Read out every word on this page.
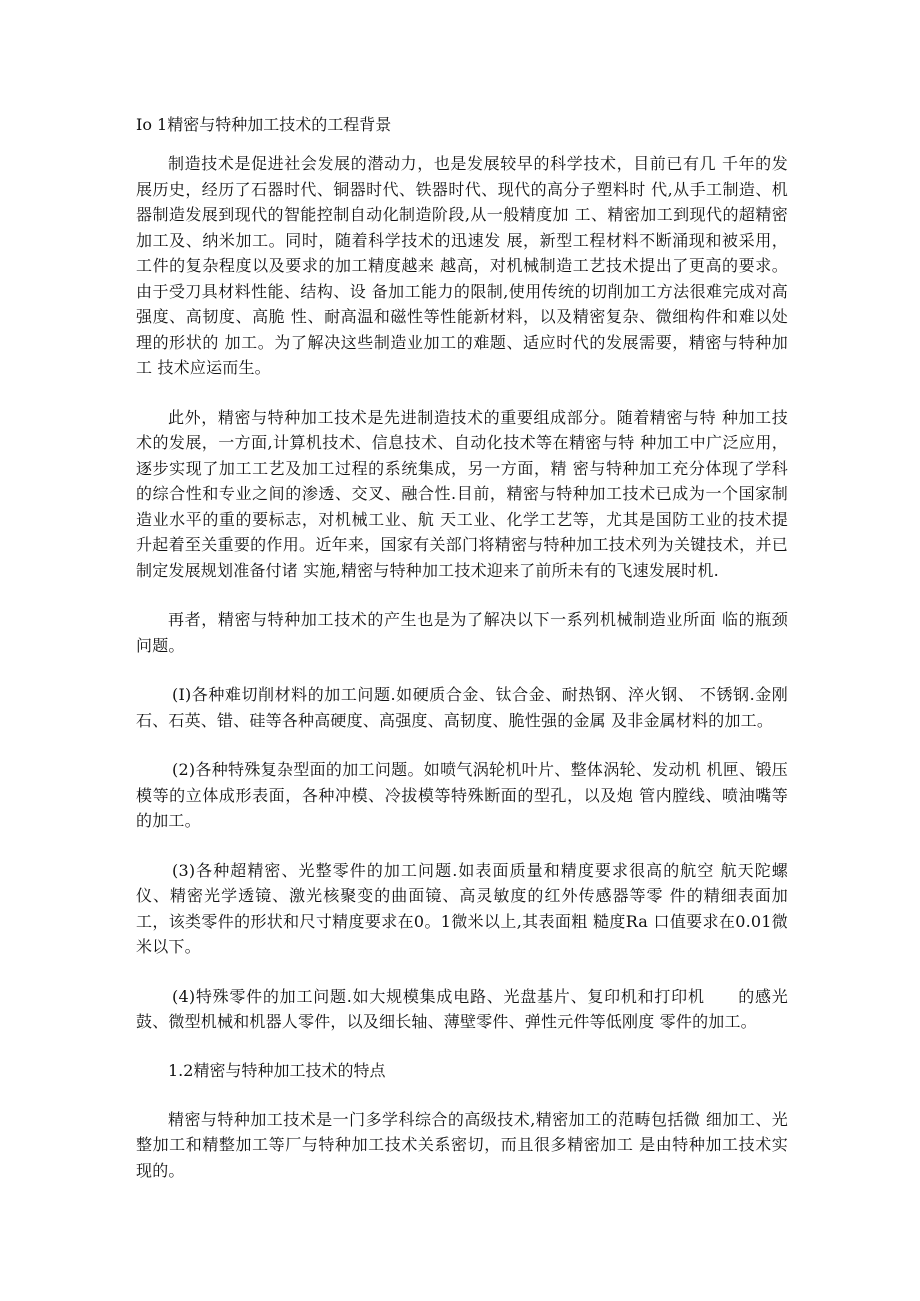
Io 1精密与特种加工技术的工程背景

制造技术是促进社会发展的潜动力，也是发展较早的科学技术，目前已有几 千年的发展历史，经历了石器时代、铜器时代、铁器时代、现代的高分子塑料时 代,从手工制造、机器制造发展到现代的智能控制自动化制造阶段,从一般精度加 工、精密加工到现代的超精密加工及、纳米加工。同时，随着科学技术的迅速发 展，新型工程材料不断涌现和被采用，工件的复杂程度以及要求的加工精度越来 越高，对机械制造工艺技术提出了更高的要求。由于受刀具材料性能、结构、设 备加工能力的限制,使用传统的切削加工方法很难完成对高强度、高韧度、高脆 性、耐高温和磁性等性能新材料，以及精密复杂、微细构件和难以处理的形状的 加工。为了解决这些制造业加工的难题、适应时代的发展需要，精密与特种加工 技术应运而生。

此外，精密与特种加工技术是先进制造技术的重要组成部分。随着精密与特 种加工技术的发展，一方面,计算机技术、信息技术、自动化技术等在精密与特 种加工中广泛应用，逐步实现了加工工艺及加工过程的系统集成，另一方面，精 密与特种加工充分体现了学科的综合性和专业之间的渗透、交叉、融合性.目前，精密与特种加工技术已成为一个国家制造业水平的重的要标志，对机械工业、航 天工业、化学工艺等，尤其是国防工业的技术提升起着至关重要的作用。近年来，国家有关部门将精密与特种加工技术列为关键技术，并已制定发展规划准备付诸 实施,精密与特种加工技术迎来了前所未有的飞速发展时机.

再者，精密与特种加工技术的产生也是为了解决以下一系列机械制造业所面 临的瓶颈问题。

(I)各种难切削材料的加工问题.如硬质合金、钛合金、耐热钢、淬火钢、 不锈钢.金刚石、石英、错、硅等各种高硬度、高强度、高韧度、脆性强的金属 及非金属材料的加工。

(2)各种特殊复杂型面的加工问题。如喷气涡轮机叶片、整体涡轮、发动机 机匣、锻压模等的立体成形表面，各种冲模、冷拔模等特殊断面的型孔，以及炮 管内膛线、喷油嘴等的加工。

(3)各种超精密、光整零件的加工问题.如表面质量和精度要求很高的航空 航天陀螺仪、精密光学透镜、激光核聚变的曲面镜、高灵敏度的红外传感器等零 件的精细表面加工，该类零件的形状和尺寸精度要求在0。1微米以上,其表面粗 糙度Ra 口值要求在0.01微米以下。

(4)特殊零件的加工问题.如大规模集成电路、光盘基片、复印机和打印机　　的感光鼓、微型机械和机器人零件，以及细长轴、薄壁零件、弹性元件等低刚度 零件的加工。

1.2精密与特种加工技术的特点

精密与特种加工技术是一门多学科综合的高级技术,精密加工的范畴包括微 细加工、光整加工和精整加工等厂与特种加工技术关系密切，而且很多精密加工 是由特种加工技术实现的。
